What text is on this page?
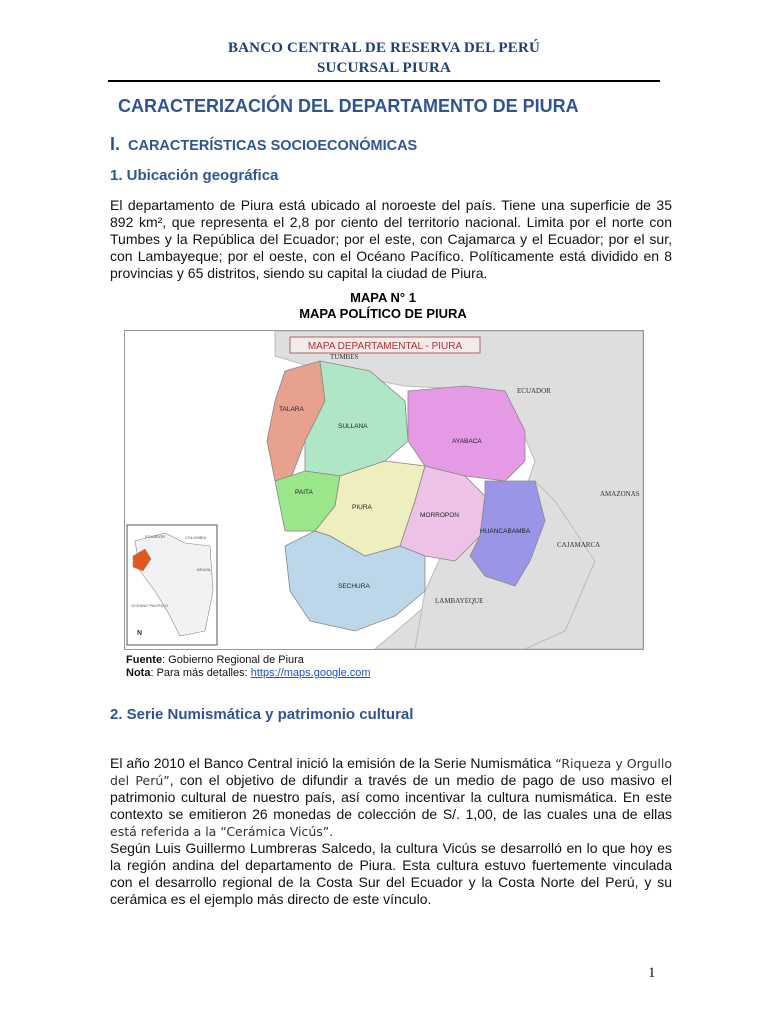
BANCO CENTRAL DE RESERVA DEL PERÚ
SUCURSAL PIURA
CARACTERIZACIÓN DEL DEPARTAMENTO DE PIURA
I. CARACTERÍSTICAS SOCIOECONÓMICAS
1. Ubicación geográfica
El departamento de Piura está ubicado al noroeste del país. Tiene una superficie de 35 892 km², que representa el 2,8 por ciento del territorio nacional. Limita por el norte con Tumbes y la República del Ecuador; por el este, con Cajamarca y el Ecuador; por el sur, con Lambayeque; por el oeste, con el Océano Pacífico. Políticamente está dividido en 8 provincias y 65 distritos, siendo su capital la ciudad de Piura.
MAPA N° 1
MAPA POLÍTICO DE PIURA
MAPA DEPARTAMENTAL - PIURA
TUMBES
ECUADOR
AMAZONAS
CAJAMARCA
LAMBAYEQUE
TALARA
SULLANA
AYABACA
PAITA
PIURA
MORROPON
HUANCABAMBA
SECHURA
ECUADOR	COLOMBIA
BRASIL
OCEANO PACIFICO
N
Fuente: Gobierno Regional de Piura
Nota: Para más detalles: https://maps.google.com
2. Serie Numismática y patrimonio cultural
El año 2010 el Banco Central inició la emisión de la Serie Numismática “Riqueza y Orgullo del Perú”, con el objetivo de difundir a través de un medio de pago de uso masivo el patrimonio cultural de nuestro país, así como incentivar la cultura numismática. En este contexto se emitieron 26 monedas de colección de S/. 1,00, de las cuales una de ellas está referida a la “Cerámica Vicús”.
Según Luis Guillermo Lumbreras Salcedo, la cultura Vicús se desarrolló en lo que hoy es la región andina del departamento de Piura. Esta cultura estuvo fuertemente vinculada con el desarrollo regional de la Costa Sur del Ecuador y la Costa Norte del Perú, y su cerámica es el ejemplo más directo de este vínculo.
1
